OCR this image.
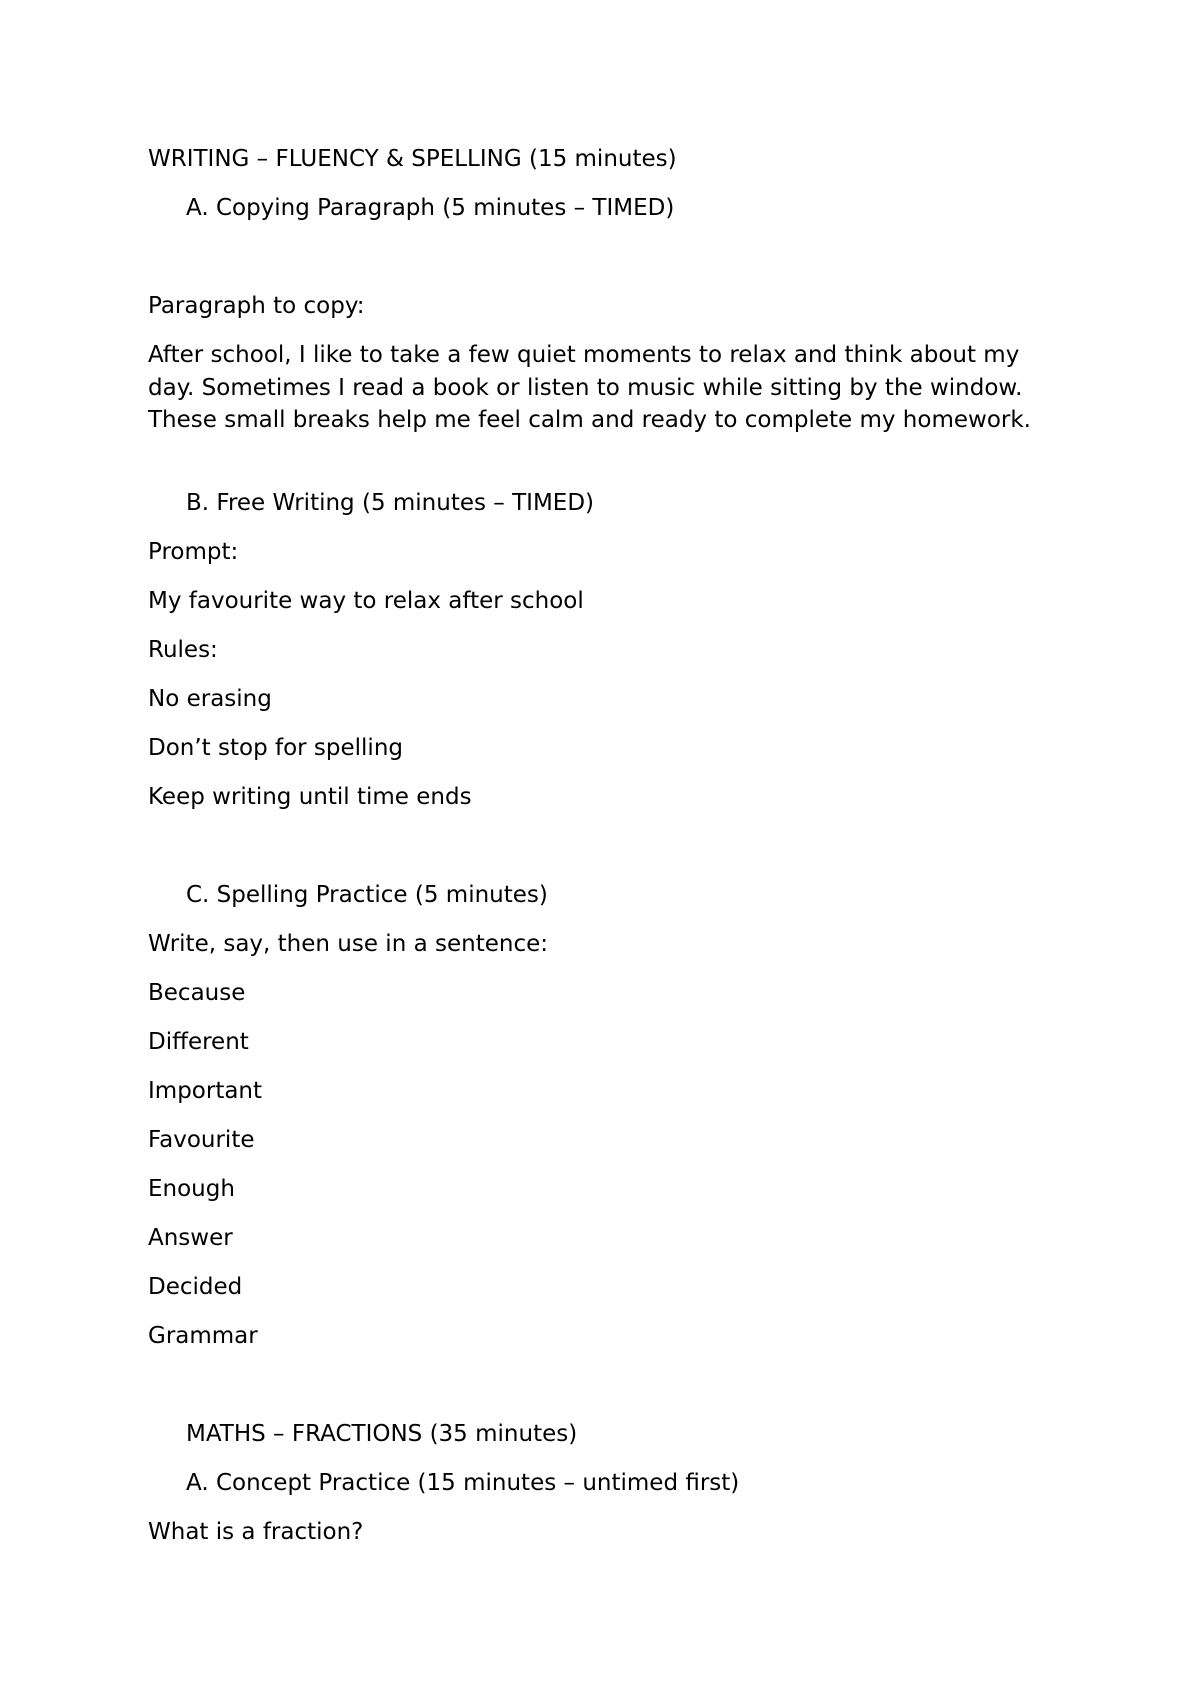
WRITING – FLUENCY & SPELLING (15 minutes)
A. Copying Paragraph (5 minutes – TIMED)

Paragraph to copy:

After school, I like to take a few quiet moments to relax and think about my day. Sometimes I read a book or listen to music while sitting by the window. These small breaks help me feel calm and ready to complete my homework.

B. Free Writing (5 minutes – TIMED)

Prompt:

My favourite way to relax after school

Rules:

No erasing

Don’t stop for spelling

Keep writing until time ends

C. Spelling Practice (5 minutes)

Write, say, then use in a sentence:

Because

Different

Important

Favourite

Enough

Answer

Decided

Grammar

MATHS – FRACTIONS (35 minutes)
A. Concept Practice (15 minutes – untimed first)

What is a fraction?
